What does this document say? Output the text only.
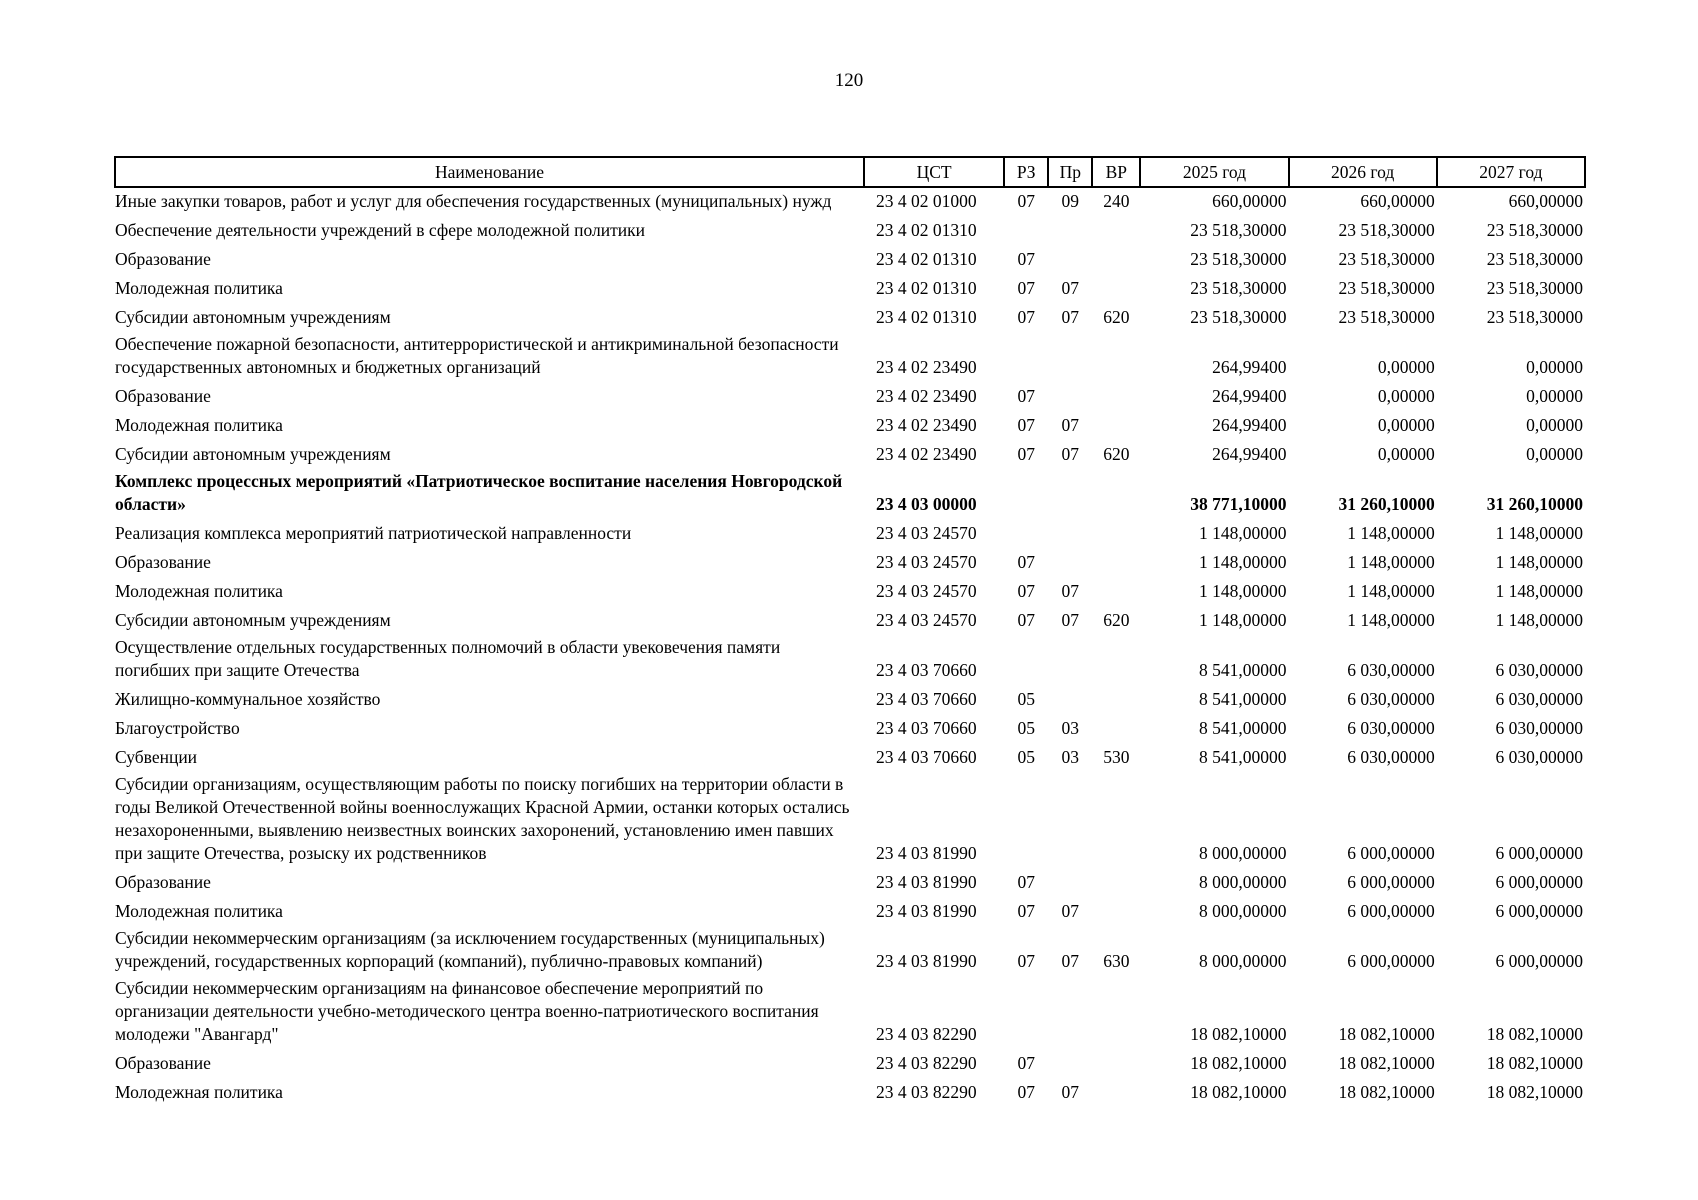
120
Наименование	ЦСТ	РЗ	Пр	ВР	2025 год	2026 год	2027 год
Иные закупки товаров, работ и услуг для обеспечения государственных (муниципальных) нужд	23 4 02 01000	07	09	240	660,00000	660,00000	660,00000
Обеспечение деятельности учреждений в сфере молодежной политики	23 4 02 01310				23 518,30000	23 518,30000	23 518,30000
Образование	23 4 02 01310	07			23 518,30000	23 518,30000	23 518,30000
Молодежная политика	23 4 02 01310	07	07		23 518,30000	23 518,30000	23 518,30000
Субсидии автономным учреждениям	23 4 02 01310	07	07	620	23 518,30000	23 518,30000	23 518,30000
Обеспечение пожарной безопасности, антитеррористической и антикриминальной безопасности государственных автономных и бюджетных организаций	23 4 02 23490				264,99400	0,00000	0,00000
Образование	23 4 02 23490	07			264,99400	0,00000	0,00000
Молодежная политика	23 4 02 23490	07	07		264,99400	0,00000	0,00000
Субсидии автономным учреждениям	23 4 02 23490	07	07	620	264,99400	0,00000	0,00000
Комплекс процессных мероприятий «Патриотическое воспитание населения Новгородской области»	23 4 03 00000				38 771,10000	31 260,10000	31 260,10000
Реализация комплекса мероприятий патриотической направленности	23 4 03 24570				1 148,00000	1 148,00000	1 148,00000
Образование	23 4 03 24570	07			1 148,00000	1 148,00000	1 148,00000
Молодежная политика	23 4 03 24570	07	07		1 148,00000	1 148,00000	1 148,00000
Субсидии автономным учреждениям	23 4 03 24570	07	07	620	1 148,00000	1 148,00000	1 148,00000
Осуществление отдельных государственных полномочий в области увековечения памяти погибших при защите Отечества	23 4 03 70660				8 541,00000	6 030,00000	6 030,00000
Жилищно-коммунальное хозяйство	23 4 03 70660	05			8 541,00000	6 030,00000	6 030,00000
Благоустройство	23 4 03 70660	05	03		8 541,00000	6 030,00000	6 030,00000
Субвенции	23 4 03 70660	05	03	530	8 541,00000	6 030,00000	6 030,00000
Субсидии организациям, осуществляющим работы по поиску погибших на территории области в годы Великой Отечественной войны военнослужащих Красной Армии, останки которых остались незахороненными, выявлению неизвестных воинских захоронений, установлению имен павших при защите Отечества, розыску их родственников	23 4 03 81990				8 000,00000	6 000,00000	6 000,00000
Образование	23 4 03 81990	07			8 000,00000	6 000,00000	6 000,00000
Молодежная политика	23 4 03 81990	07	07		8 000,00000	6 000,00000	6 000,00000
Субсидии некоммерческим организациям (за исключением государственных (муниципальных) учреждений, государственных корпораций (компаний), публично-правовых компаний)	23 4 03 81990	07	07	630	8 000,00000	6 000,00000	6 000,00000
Субсидии некоммерческим организациям на финансовое обеспечение мероприятий по организации деятельности учебно-методического центра военно-патриотического воспитания молодежи "Авангард"	23 4 03 82290				18 082,10000	18 082,10000	18 082,10000
Образование	23 4 03 82290	07			18 082,10000	18 082,10000	18 082,10000
Молодежная политика	23 4 03 82290	07	07		18 082,10000	18 082,10000	18 082,10000
